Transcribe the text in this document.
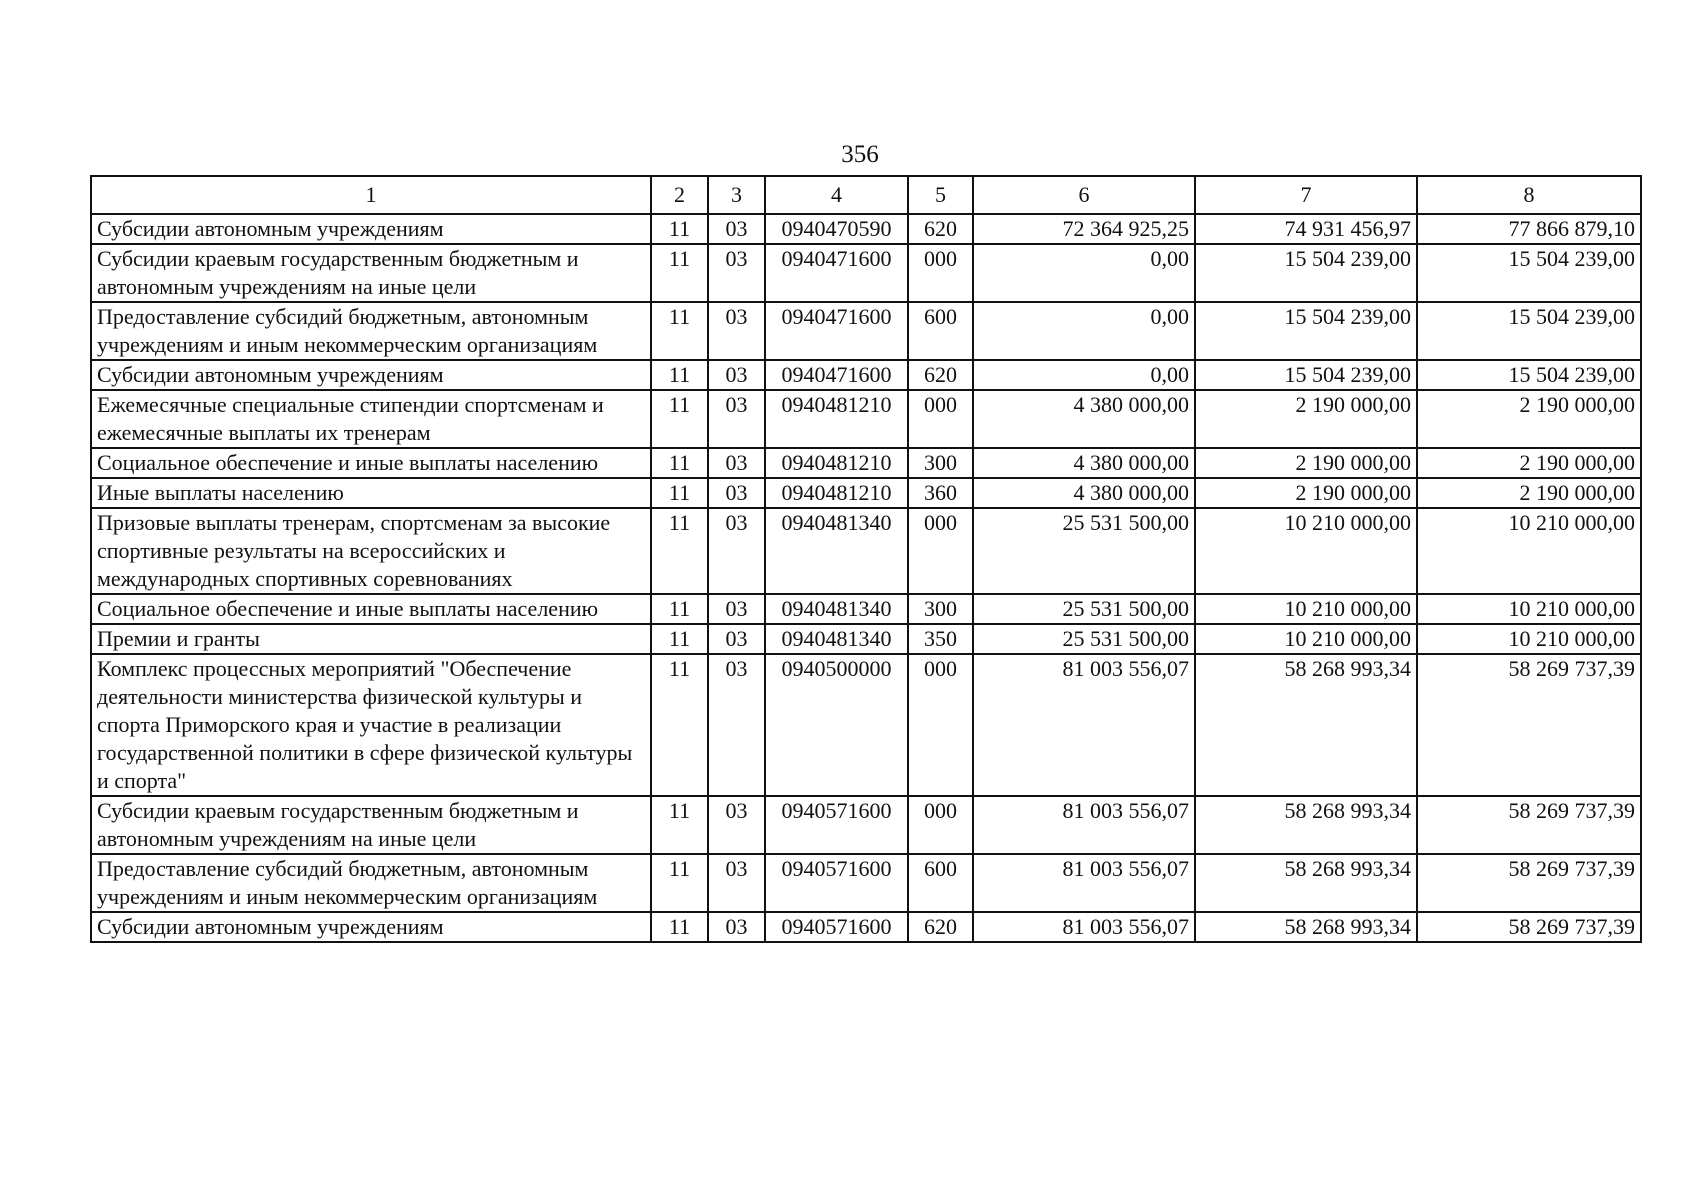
356
1	2	3	4	5	6	7	8
Субсидии автономным учреждениям	11	03	0940470590	620	72 364 925,25	74 931 456,97	77 866 879,10
Субсидии краевым государственным бюджетным и автономным учреждениям на иные цели	11	03	0940471600	000	0,00	15 504 239,00	15 504 239,00
Предоставление субсидий бюджетным, автономным учреждениям и иным некоммерческим организациям	11	03	0940471600	600	0,00	15 504 239,00	15 504 239,00
Субсидии автономным учреждениям	11	03	0940471600	620	0,00	15 504 239,00	15 504 239,00
Ежемесячные специальные стипендии спортсменам и ежемесячные выплаты их тренерам	11	03	0940481210	000	4 380 000,00	2 190 000,00	2 190 000,00
Социальное обеспечение и иные выплаты населению	11	03	0940481210	300	4 380 000,00	2 190 000,00	2 190 000,00
Иные выплаты населению	11	03	0940481210	360	4 380 000,00	2 190 000,00	2 190 000,00
Призовые выплаты тренерам, спортсменам за высокие спортивные результаты на всероссийских и международных спортивных соревнованиях	11	03	0940481340	000	25 531 500,00	10 210 000,00	10 210 000,00
Социальное обеспечение и иные выплаты населению	11	03	0940481340	300	25 531 500,00	10 210 000,00	10 210 000,00
Премии и гранты	11	03	0940481340	350	25 531 500,00	10 210 000,00	10 210 000,00
Комплекс процессных мероприятий "Обеспечение деятельности министерства физической культуры и спорта Приморского края и участие в реализации государственной политики в сфере физической культуры и спорта"	11	03	0940500000	000	81 003 556,07	58 268 993,34	58 269 737,39
Субсидии краевым государственным бюджетным и автономным учреждениям на иные цели	11	03	0940571600	000	81 003 556,07	58 268 993,34	58 269 737,39
Предоставление субсидий бюджетным, автономным учреждениям и иным некоммерческим организациям	11	03	0940571600	600	81 003 556,07	58 268 993,34	58 269 737,39
Субсидии автономным учреждениям	11	03	0940571600	620	81 003 556,07	58 268 993,34	58 269 737,39
